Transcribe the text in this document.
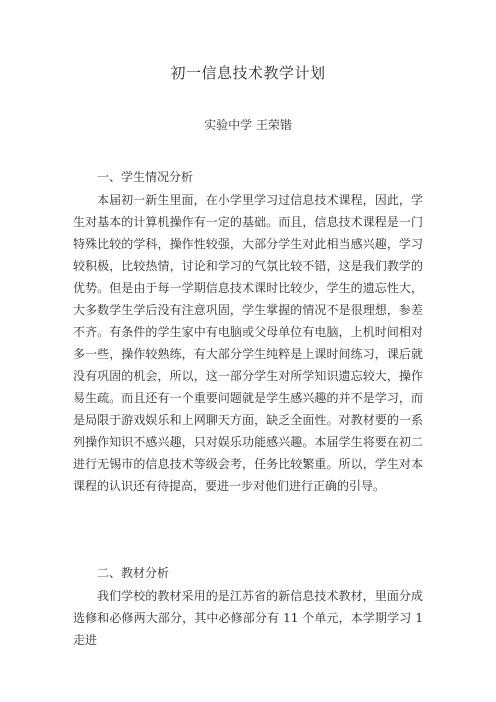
初一信息技术教学计划

实验中学 王荣锴

一、学生情况分析

本届初一新生里面，在小学里学习过信息技术课程，因此，学生对基本的计算机操作有一定的基础。而且，信息技术课程是一门特殊比较的学科，操作性较强，大部分学生对此相当感兴趣，学习较积极，比较热情，讨论和学习的气氛比较不错，这是我们教学的优势。但是由于每一学期信息技术课时比较少，学生的遗忘性大，大多数学生学后没有注意巩固，学生掌握的情况不是很理想，参差不齐。有条件的学生家中有电脑或父母单位有电脑，上机时间相对多一些，操作较熟练，有大部分学生纯粹是上课时间练习，课后就没有巩固的机会，所以，这一部分学生对所学知识遗忘较大，操作易生疏。而且还有一个重要问题就是学生感兴趣的并不是学习，而是局限于游戏娱乐和上网聊天方面，缺乏全面性。对教材要的一系列操作知识不感兴趣，只对娱乐功能感兴趣。本届学生将要在初二进行无锡市的信息技术等级会考，任务比较繁重。所以，学生对本课程的认识还有待提高，要进一步对他们进行正确的引导。

二、教材分析

我们学校的教材采用的是江苏省的新信息技术教材，里面分成选修和必修两大部分，其中必修部分有 11 个单元，本学期学习 1 走进
